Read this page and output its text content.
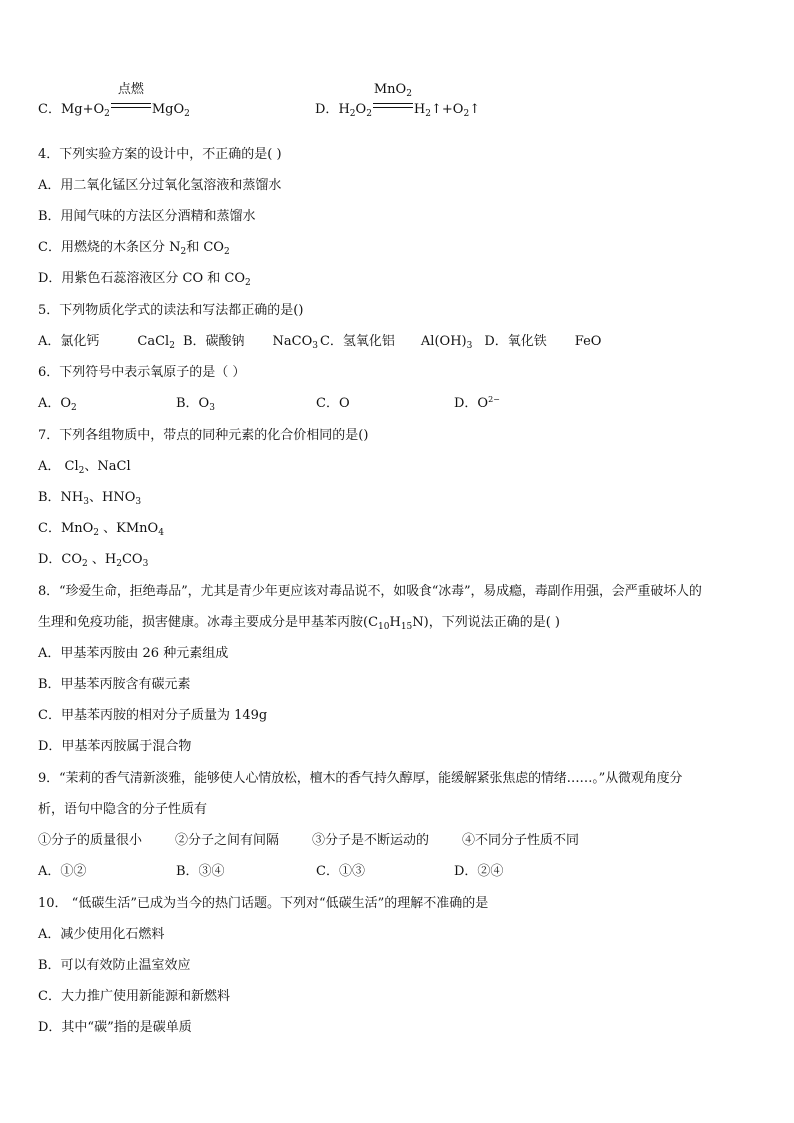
C．$Mg+O_2$
点燃
MgO$_2$	D．$H_2O_2$
MnO$_2$
$H_2↑+O_2↑$
4．下列实验方案的设计中，不正确的是( )
A．用二氧化锰区分过氧化氢溶液和蒸馏水
B．用闻气味的方法区分酒精和蒸馏水
C．用燃烧的木条区分 $N_2$和 $CO_2$
D．用紫色石蕊溶液区分 CO 和 $CO_2$
5．下列物质化学式的读法和写法都正确的是()
A．氯化钙	CaCl$_2$ B．碳酸钠 NaCO$_3$ C．氢氧化铝 $Al(OH)_3$ D．氧化铁 FeO
6．下列符号中表示氧原子的是（ ）
A．$O_2$	B．$O_3$	C．O	D．$O^{2-}$
7．下列各组物质中，带点的同种元素的化合价相同的是()
A． $Cl_2$、NaCl
B．$NH_3$、$HNO_3$
C．MnO$_2$ 、KMnO$_4$
D．$CO_2$ 、$H_2CO_3$
8．“珍爱生命，拒绝毒品”，尤其是青少年更应该对毒品说不，如吸食“冰毒”，易成瘾，毒副作用强，会严重破坏人的
生理和免疫功能，损害健康。冰毒主要成分是甲基苯丙胺$(C_{10}H_{15}N)$，下列说法正确的是( )
A．甲基苯丙胺由 26 种元素组成
B．甲基苯丙胺含有碳元素
C．甲基苯丙胺的相对分子质量为 149g
D．甲基苯丙胺属于混合物
9．“茉莉的香气清新淡雅，能够使人心情放松，檀木的香气持久醇厚，能缓解紧张焦虑的情绪……。”从微观角度分
析，语句中隐含的分子性质有
①分子的质量很小	②分子之间有间隔	③分子是不断运动的	④不同分子性质不同
A．①②	B．③④	C．①③	D．②④
10． “低碳生活”已成为当今的热门话题。下列对“低碳生活”的理解不准确的是
A．减少使用化石燃料
B．可以有效防止温室效应
C．大力推广使用新能源和新燃料
D．其中“碳”指的是碳单质
